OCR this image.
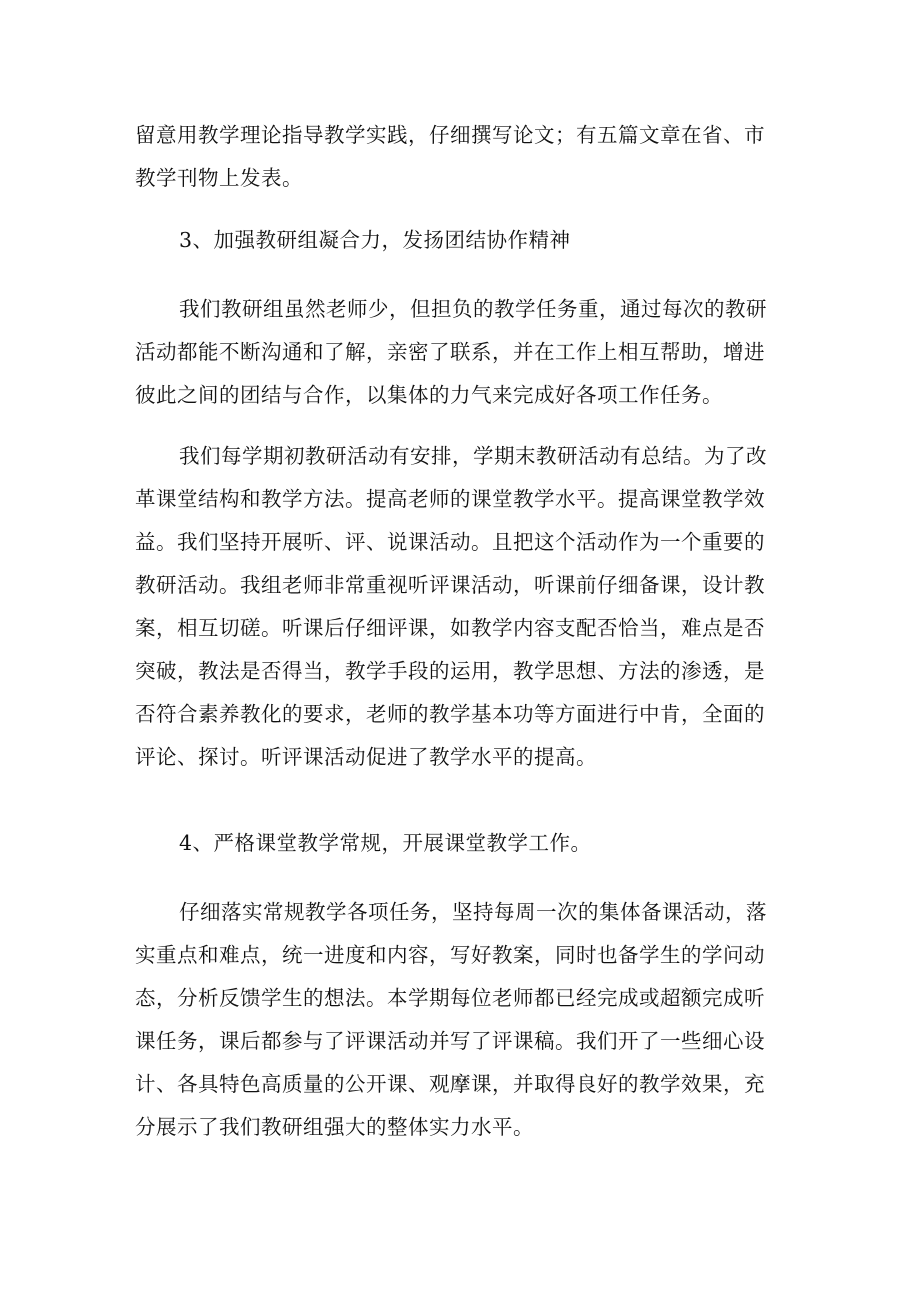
留意用教学理论指导教学实践，仔细撰写论文；有五篇文章在省、市
教学刊物上发表。
3、加强教研组凝合力，发扬团结协作精神
我们教研组虽然老师少，但担负的教学任务重，通过每次的教研
活动都能不断沟通和了解，亲密了联系，并在工作上相互帮助，增进
彼此之间的团结与合作，以集体的力气来完成好各项工作任务。
我们每学期初教研活动有安排，学期末教研活动有总结。为了改
革课堂结构和教学方法。提高老师的课堂教学水平。提高课堂教学效
益。我们坚持开展听、评、说课活动。且把这个活动作为一个重要的
教研活动。我组老师非常重视听评课活动，听课前仔细备课，设计教
案，相互切磋。听课后仔细评课，如教学内容支配否恰当，难点是否
突破，教法是否得当，教学手段的运用，教学思想、方法的渗透，是
否符合素养教化的要求，老师的教学基本功等方面进行中肯，全面的
评论、探讨。听评课活动促进了教学水平的提高。
4、严格课堂教学常规，开展课堂教学工作。
仔细落实常规教学各项任务，坚持每周一次的集体备课活动，落
实重点和难点，统一进度和内容，写好教案，同时也备学生的学问动
态，分析反馈学生的想法。本学期每位老师都已经完成或超额完成听
课任务，课后都参与了评课活动并写了评课稿。我们开了一些细心设
计、各具特色高质量的公开课、观摩课，并取得良好的教学效果，充
分展示了我们教研组强大的整体实力水平。
